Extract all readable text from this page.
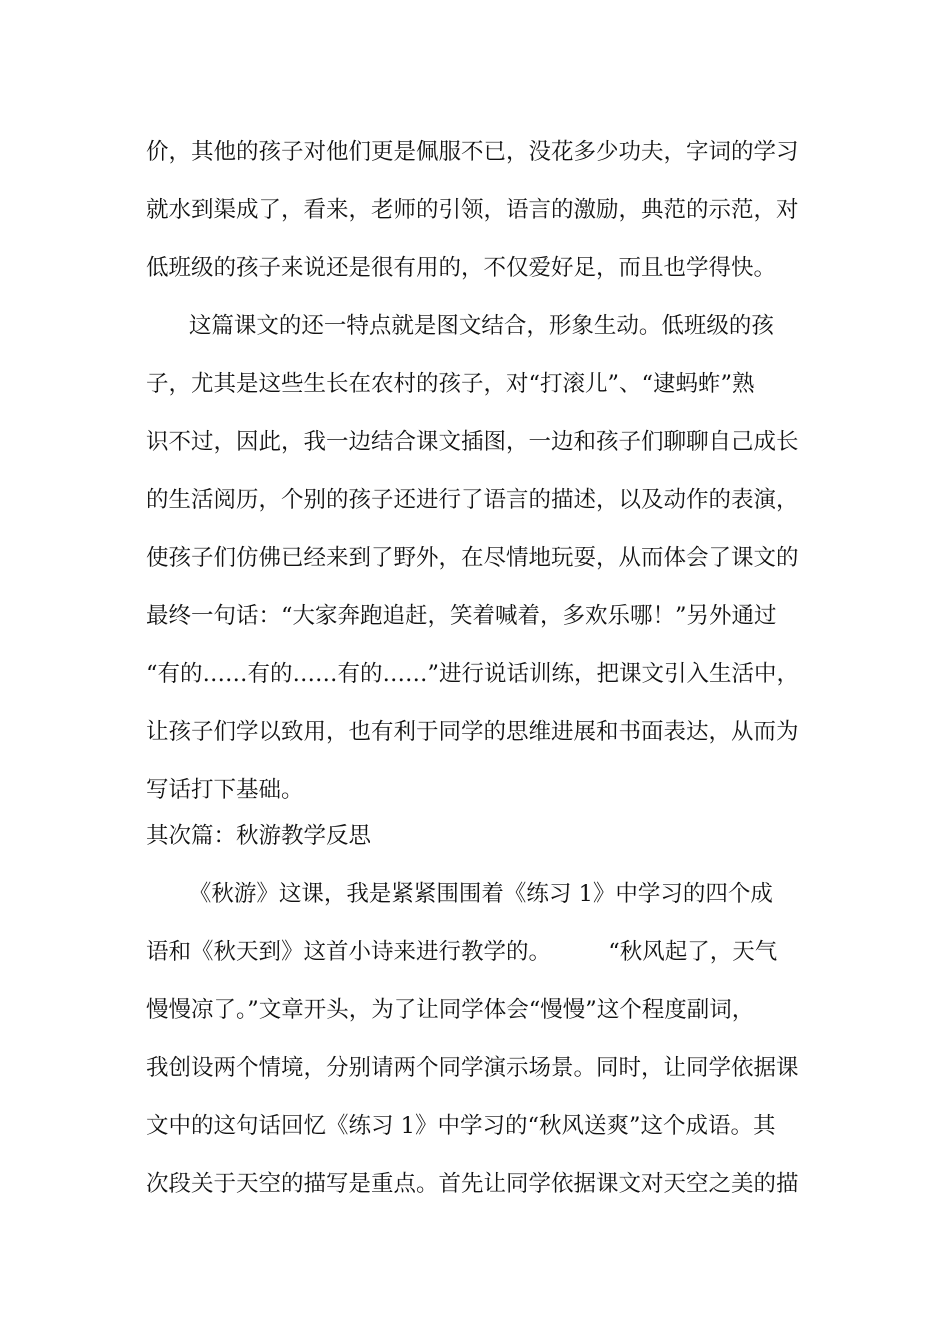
价，其他的孩子对他们更是佩服不已，没花多少功夫，字词的学习
就水到渠成了，看来，老师的引领，语言的激励，典范的示范，对
低班级的孩子来说还是很有用的，不仅爱好足，而且也学得快。
这篇课文的还一特点就是图文结合，形象生动。低班级的孩
子，尤其是这些生长在农村的孩子，对“打滚儿”、“逮蚂蚱”熟
识不过，因此，我一边结合课文插图，一边和孩子们聊聊自己成长
的生活阅历，个别的孩子还进行了语言的描述，以及动作的表演，
使孩子们仿佛已经来到了野外，在尽情地玩耍，从而体会了课文的
最终一句话：“大家奔跑追赶，笑着喊着，多欢乐哪！”另外通过
“有的……有的……有的……”进行说话训练，把课文引入生活中，
让孩子们学以致用，也有利于同学的思维进展和书面表达，从而为
写话打下基础。
其次篇：秋游教学反思
《秋游》这课，我是紧紧围围着《练习 1》中学习的四个成
语和《秋天到》这首小诗来进行教学的。        “秋风起了，天气
慢慢凉了。”文章开头，为了让同学体会“慢慢”这个程度副词，
我创设两个情境，分别请两个同学演示场景。同时，让同学依据课
文中的这句话回忆《练习 1》中学习的“秋风送爽”这个成语。其
次段关于天空的描写是重点。首先让同学依据课文对天空之美的描
